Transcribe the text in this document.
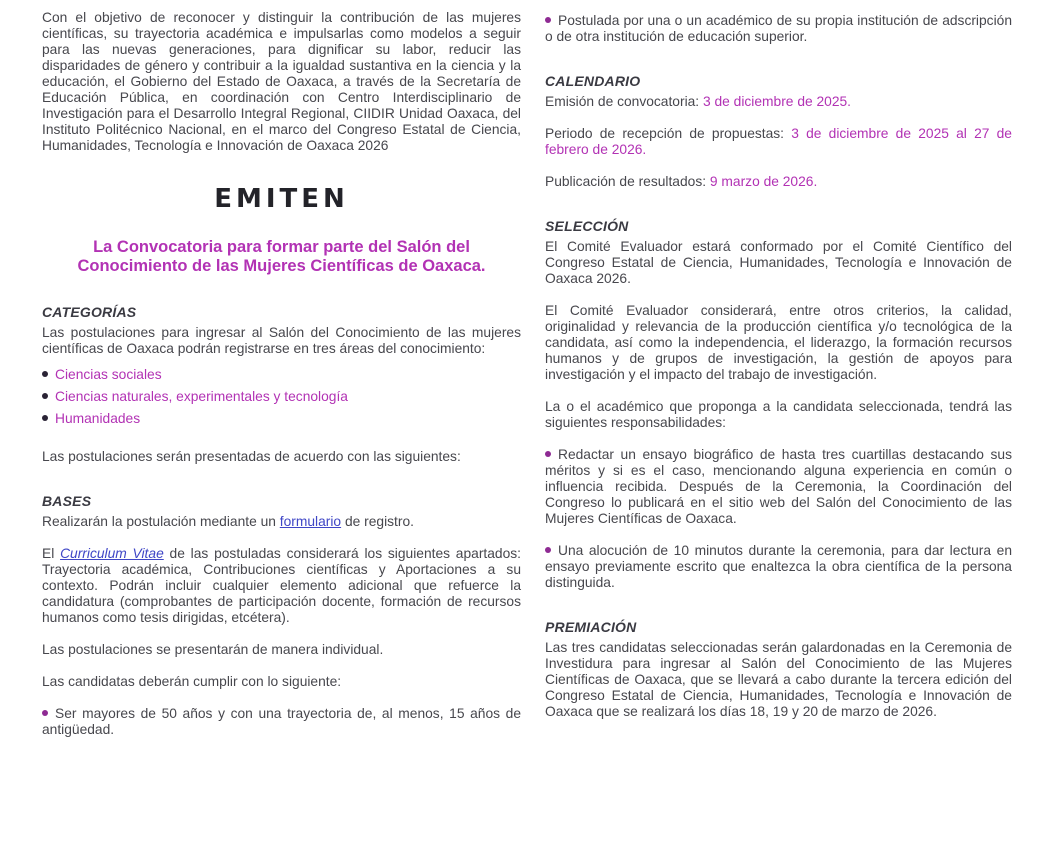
Con el objetivo de reconocer y distinguir la contribución de las mujeres científicas, su trayectoria académica e impulsarlas como modelos a seguir para las nuevas generaciones, para dignificar su labor, reducir las disparidades de género y contribuir a la igualdad sustantiva en la ciencia y la educación, el Gobierno del Estado de Oaxaca, a través de la Secretaría de Educación Pública, en coordinación con Centro Interdisciplinario de Investigación para el Desarrollo Integral Regional, CIIDIR Unidad Oaxaca, del Instituto Politécnico Nacional, en el marco del Congreso Estatal de Ciencia, Humanidades, Tecnología e Innovación de Oaxaca 2026

EMITEN
La Convocatoria para formar parte del Salón del Conocimiento de las Mujeres Científicas de Oaxaca.
CATEGORÍAS

Las postulaciones para ingresar al Salón del Conocimiento de las mujeres científicas de Oaxaca podrán registrarse en tres áreas del conocimiento:

Ciencias sociales

Ciencias naturales, experimentales y tecnología

Humanidades

Las postulaciones serán presentadas de acuerdo con las siguientes:

BASES

Realizarán la postulación mediante un formulario de registro.

El Curriculum Vitae de las postuladas considerará los siguientes apartados: Trayectoria académica, Contribuciones científicas y Aportaciones a su contexto. Podrán incluir cualquier elemento adicional que refuerce la candidatura (comprobantes de participación docente, formación de recursos humanos como tesis dirigidas, etcétera).

Las postulaciones se presentarán de manera individual.

Las candidatas deberán cumplir con lo siguiente:

Ser mayores de 50 años y con una trayectoria de, al menos, 15 años de antigüedad.

Postulada por una o un académico de su propia institución de adscripción o de otra institución de educación superior.

CALENDARIO

Emisión de convocatoria: 3 de diciembre de 2025.

Periodo de recepción de propuestas: 3 de diciembre de 2025 al 27 de febrero de 2026.

Publicación de resultados: 9 marzo de 2026.

SELECCIÓN

El Comité Evaluador estará conformado por el Comité Científico del Congreso Estatal de Ciencia, Humanidades, Tecnología e Innovación de Oaxaca 2026.

El Comité Evaluador considerará, entre otros criterios, la calidad, originalidad y relevancia de la producción científica y/o tecnológica de la candidata, así como la independencia, el liderazgo, la formación recursos humanos y de grupos de investigación, la gestión de apoyos para investigación y el impacto del trabajo de investigación.

La o el académico que proponga a la candidata seleccionada, tendrá las siguientes responsabilidades:

Redactar un ensayo biográfico de hasta tres cuartillas destacando sus méritos y si es el caso, mencionando alguna experiencia en común o influencia recibida. Después de la Ceremonia, la Coordinación del Congreso lo publicará en el sitio web del Salón del Conocimiento de las Mujeres Científicas de Oaxaca.

Una alocución de 10 minutos durante la ceremonia, para dar lectura en ensayo previamente escrito que enaltezca la obra científica de la persona distinguida.

PREMIACIÓN

Las tres candidatas seleccionadas serán galardonadas en la Ceremonia de Investidura para ingresar al Salón del Conocimiento de las Mujeres Científicas de Oaxaca, que se llevará a cabo durante la tercera edición del Congreso Estatal de Ciencia, Humanidades, Tecnología e Innovación de Oaxaca que se realizará los días 18, 19 y 20 de marzo de 2026.
